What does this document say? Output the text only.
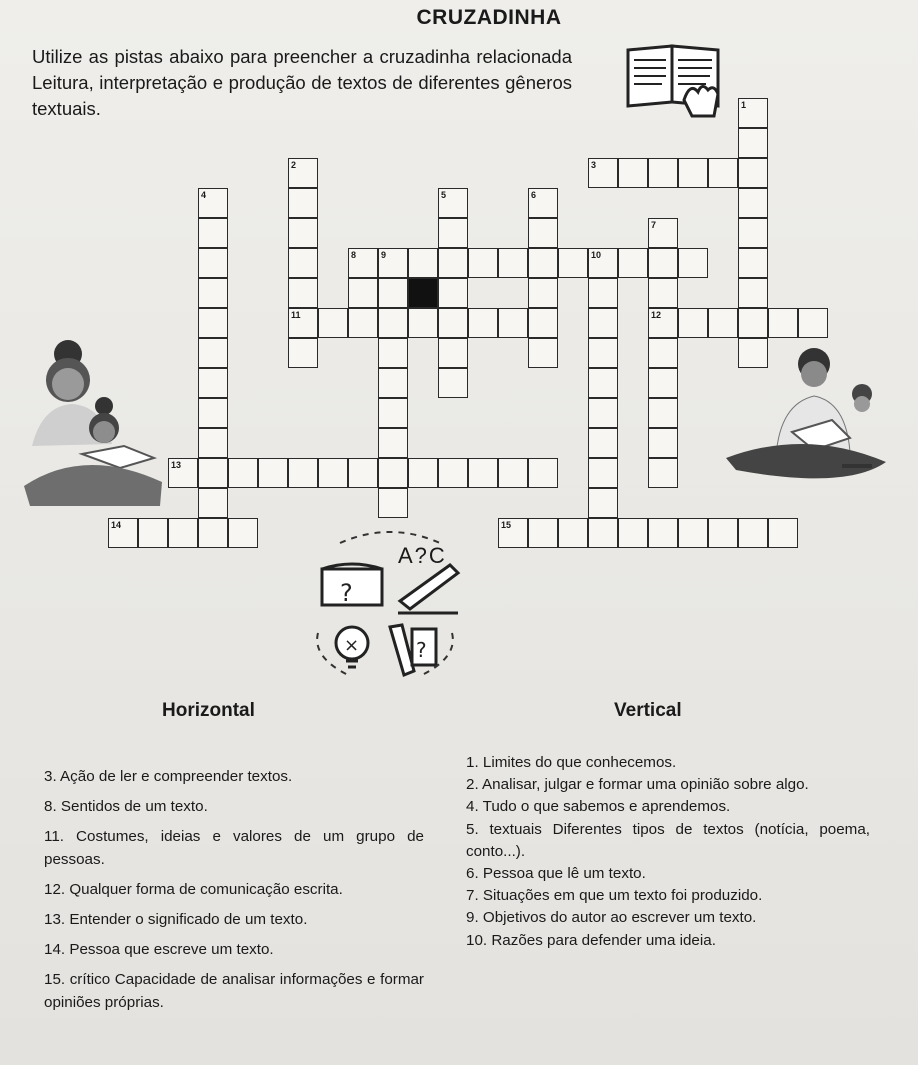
CRUZADINHA
Utilize as pistas abaixo para preencher a cruzadinha relacionada Leitura, interpretação e produção de textos de diferentes gêneros textuais.	1
2	3
4	5	6
7
8	9	10
11	12
13
14	15
A?C
?
×	?
Horizontal	Vertical
3. Ação de ler e compreender textos.
8. Sentidos de um texto.
11. Costumes, ideias e valores de um grupo de pessoas.
12. Qualquer forma de comunicação escrita.
13. Entender o significado de um texto.
14. Pessoa que escreve um texto.
15. crítico Capacidade de analisar informações e formar opiniões próprias.
1. Limites do que conhecemos.
2. Analisar, julgar e formar uma opinião sobre algo.
4. Tudo o que sabemos e aprendemos.
5. textuais Diferentes tipos de textos (notícia, poema, conto...).
6. Pessoa que lê um texto.
7. Situações em que um texto foi produzido.
9. Objetivos do autor ao escrever um texto.
10. Razões para defender uma ideia.
